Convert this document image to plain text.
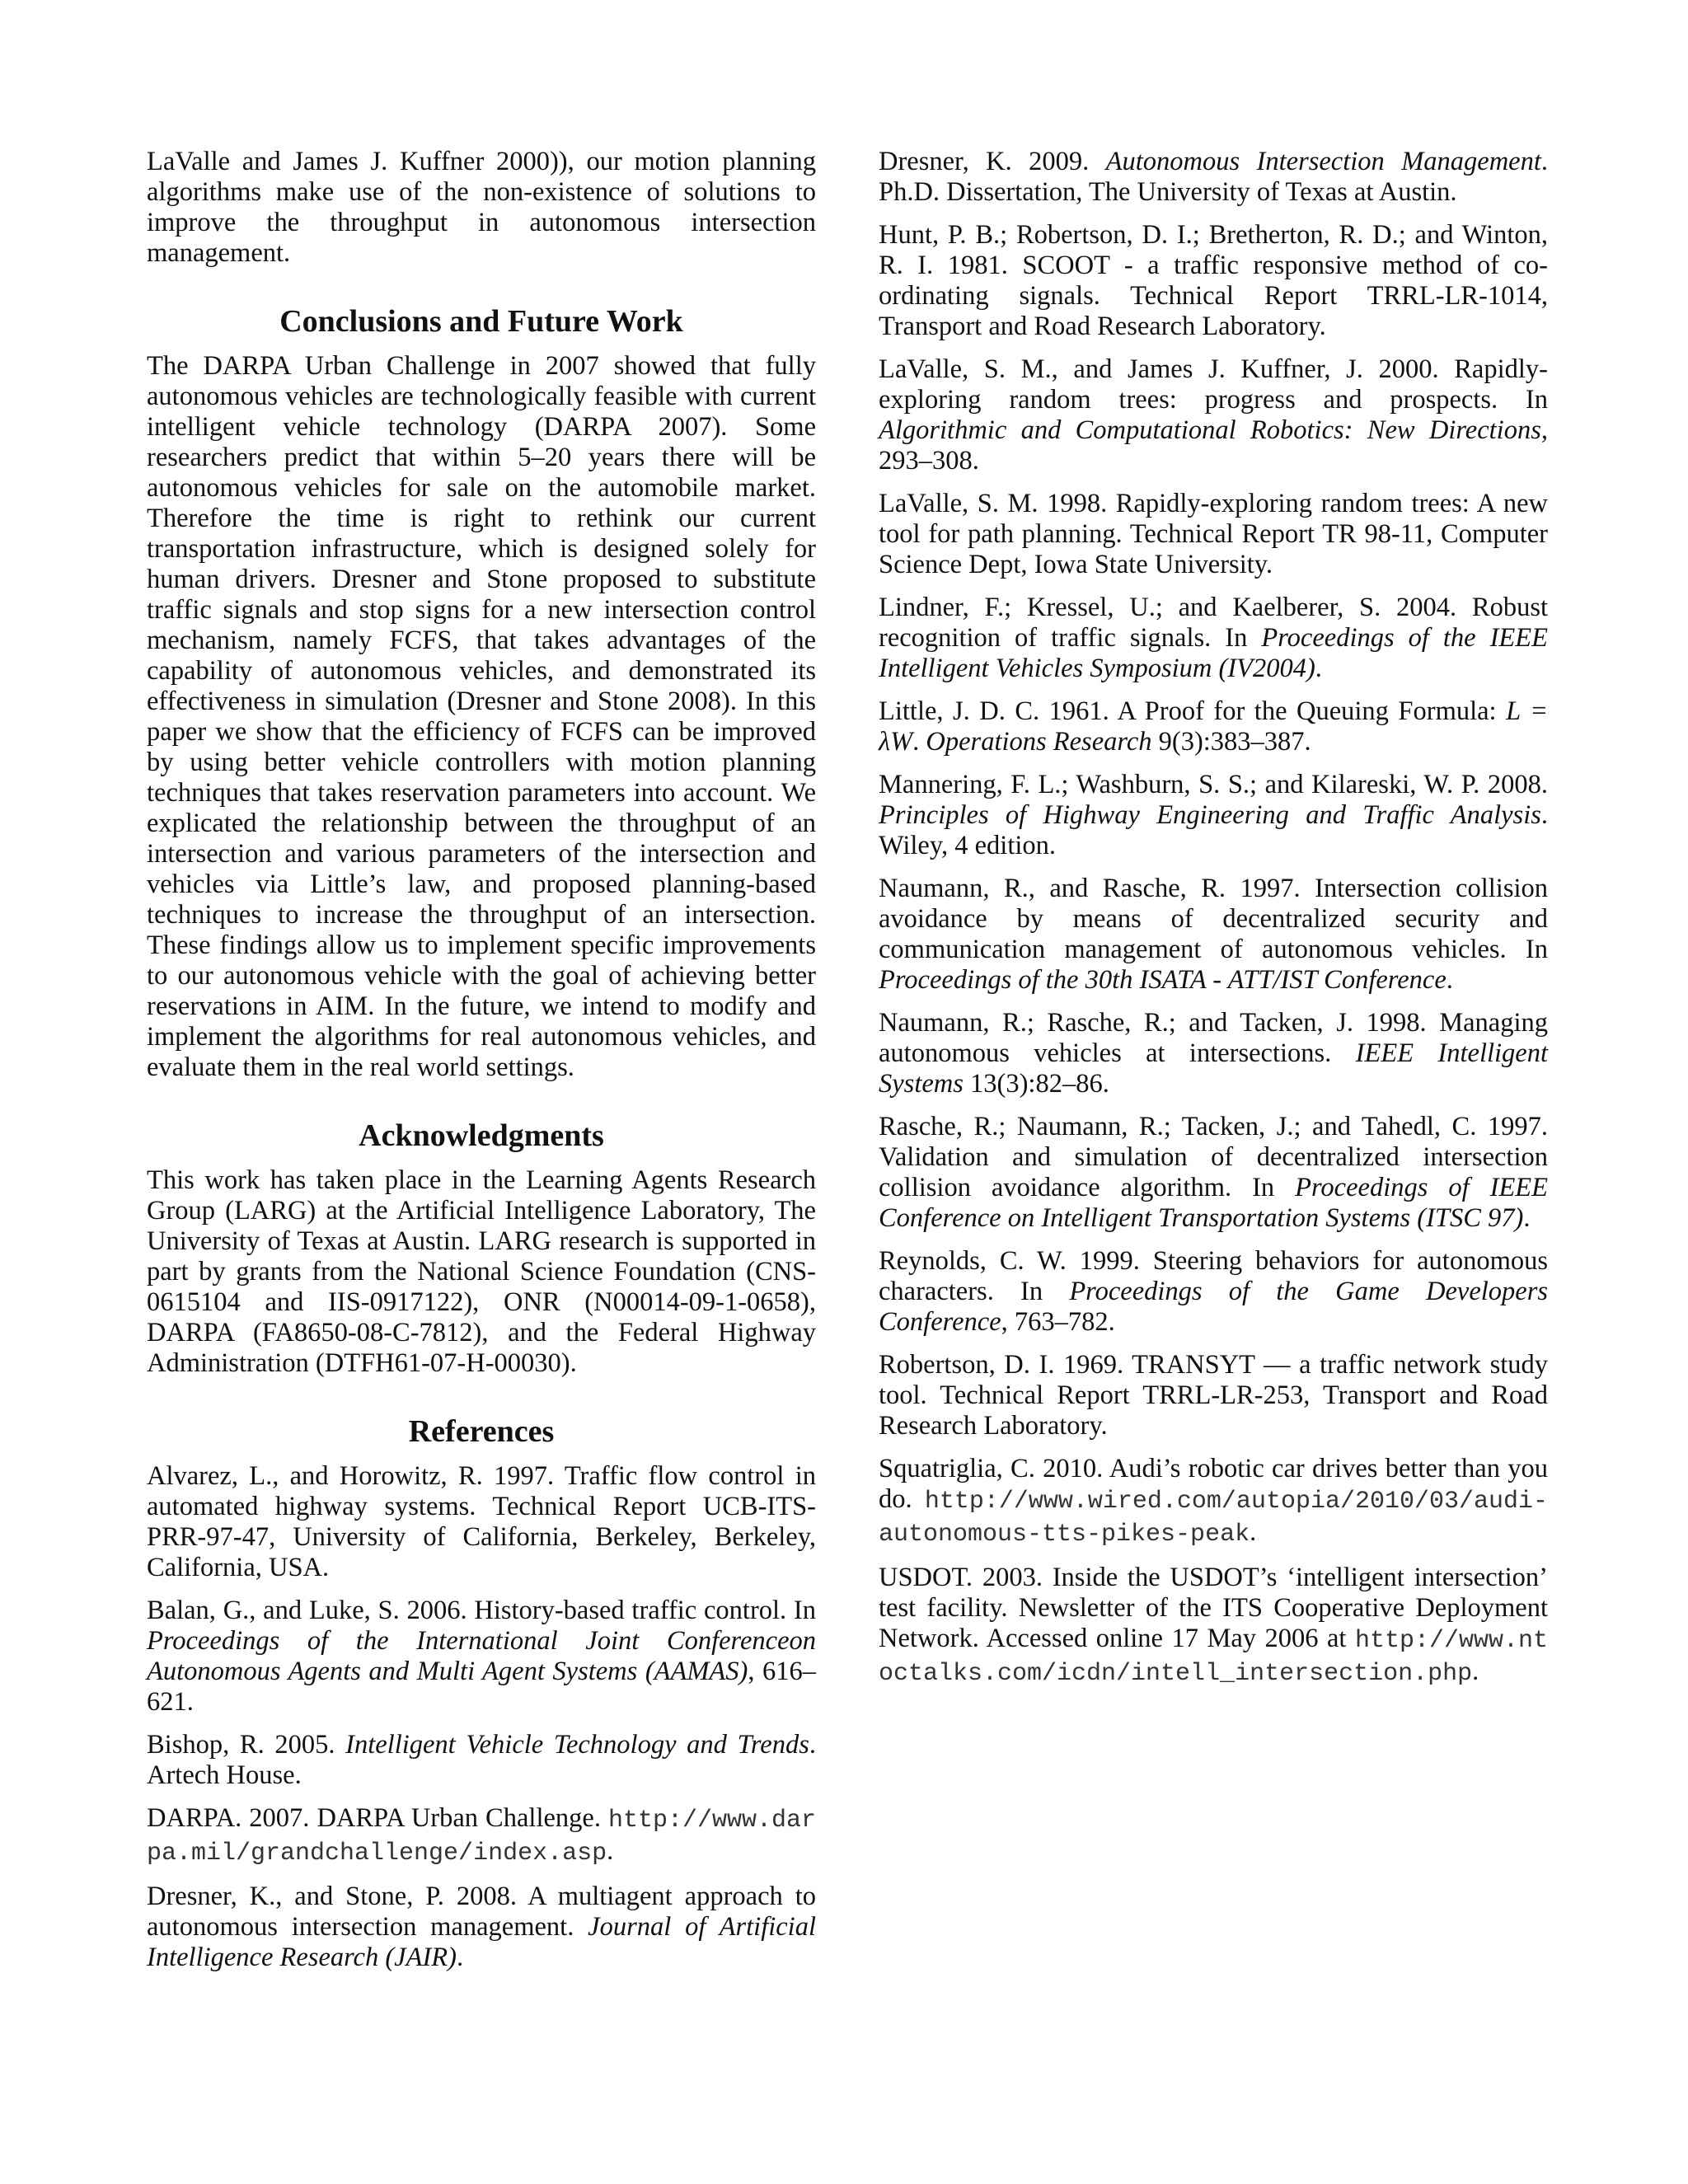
LaValle and James J. Kuffner 2000)), our motion planning algorithms make use of the non-existence of solutions to improve the throughput in autonomous intersection management.

Conclusions and Future Work

The DARPA Urban Challenge in 2007 showed that fully autonomous vehicles are technologically feasible with current intelligent vehicle technology (DARPA 2007). Some researchers predict that within 5–20 years there will be autonomous vehicles for sale on the automobile market. Therefore the time is right to rethink our current transportation infrastructure, which is designed solely for human drivers. Dresner and Stone proposed to substitute traffic signals and stop signs for a new intersection control mechanism, namely FCFS, that takes advantages of the capability of autonomous vehicles, and demonstrated its effectiveness in simulation (Dresner and Stone 2008). In this paper we show that the efficiency of FCFS can be improved by using better vehicle controllers with motion planning techniques that takes reservation parameters into account. We explicated the relationship between the throughput of an intersection and various parameters of the intersection and vehicles via Little’s law, and proposed planning-based techniques to increase the throughput of an intersection. These findings allow us to implement specific improvements to our autonomous vehicle with the goal of achieving better reservations in AIM. In the future, we intend to modify and implement the algorithms for real autonomous vehicles, and evaluate them in the real world settings.

Acknowledgments

This work has taken place in the Learning Agents Research Group (LARG) at the Artificial Intelligence Laboratory, The University of Texas at Austin. LARG research is supported in part by grants from the National Science Foundation (CNS-0615104 and IIS-0917122), ONR (N00014-09-1-0658), DARPA (FA8650-08-C-7812), and the Federal Highway Administration (DTFH61-07-H-00030).

References

Alvarez, L., and Horowitz, R. 1997. Traffic flow control in automated highway systems. Technical Report UCB-ITS-PRR-97-47, University of California, Berkeley, Berkeley, California, USA.

Balan, G., and Luke, S. 2006. History-based traffic control. In Proceedings of the International Joint Conferenceon Autonomous Agents and Multi Agent Systems (AAMAS), 616–621.

Bishop, R. 2005. Intelligent Vehicle Technology and Trends. Artech House.

DARPA. 2007. DARPA Urban Challenge. http://www.darpa.mil/grandchallenge/index.asp.

Dresner, K., and Stone, P. 2008. A multiagent approach to autonomous intersection management. Journal of Artificial Intelligence Research (JAIR).

Dresner, K. 2009. Autonomous Intersection Management. Ph.D. Dissertation, The University of Texas at Austin.

Hunt, P. B.; Robertson, D. I.; Bretherton, R. D.; and Winton, R. I. 1981. SCOOT - a traffic responsive method of co-ordinating signals. Technical Report TRRL-LR-1014, Transport and Road Research Laboratory.

LaValle, S. M., and James J. Kuffner, J. 2000. Rapidly-exploring random trees: progress and prospects. In Algorithmic and Computational Robotics: New Directions, 293–308.

LaValle, S. M. 1998. Rapidly-exploring random trees: A new tool for path planning. Technical Report TR 98-11, Computer Science Dept, Iowa State University.

Lindner, F.; Kressel, U.; and Kaelberer, S. 2004. Robust recognition of traffic signals. In Proceedings of the IEEE Intelligent Vehicles Symposium (IV2004).

Little, J. D. C. 1961. A Proof for the Queuing Formula: L = λW. Operations Research 9(3):383–387.

Mannering, F. L.; Washburn, S. S.; and Kilareski, W. P. 2008. Principles of Highway Engineering and Traffic Analysis. Wiley, 4 edition.

Naumann, R., and Rasche, R. 1997. Intersection collision avoidance by means of decentralized security and communication management of autonomous vehicles. In Proceedings of the 30th ISATA - ATT/IST Conference.

Naumann, R.; Rasche, R.; and Tacken, J. 1998. Managing autonomous vehicles at intersections. IEEE Intelligent Systems 13(3):82–86.

Rasche, R.; Naumann, R.; Tacken, J.; and Tahedl, C. 1997. Validation and simulation of decentralized intersection collision avoidance algorithm. In Proceedings of IEEE Conference on Intelligent Transportation Systems (ITSC 97).

Reynolds, C. W. 1999. Steering behaviors for autonomous characters. In Proceedings of the Game Developers Conference, 763–782.

Robertson, D. I. 1969. TRANSYT — a traffic network study tool. Technical Report TRRL-LR-253, Transport and Road Research Laboratory.

Squatriglia, C. 2010. Audi’s robotic car drives better than you do. http://www.wired.com/autopia/2010/03/audi-autonomous-tts-pikes-peak.

USDOT. 2003. Inside the USDOT’s ‘intelligent intersection’ test facility. Newsletter of the ITS Cooperative Deployment Network. Accessed online 17 May 2006 at http://www.ntoctalks.com/icdn/intell_intersection.php.
